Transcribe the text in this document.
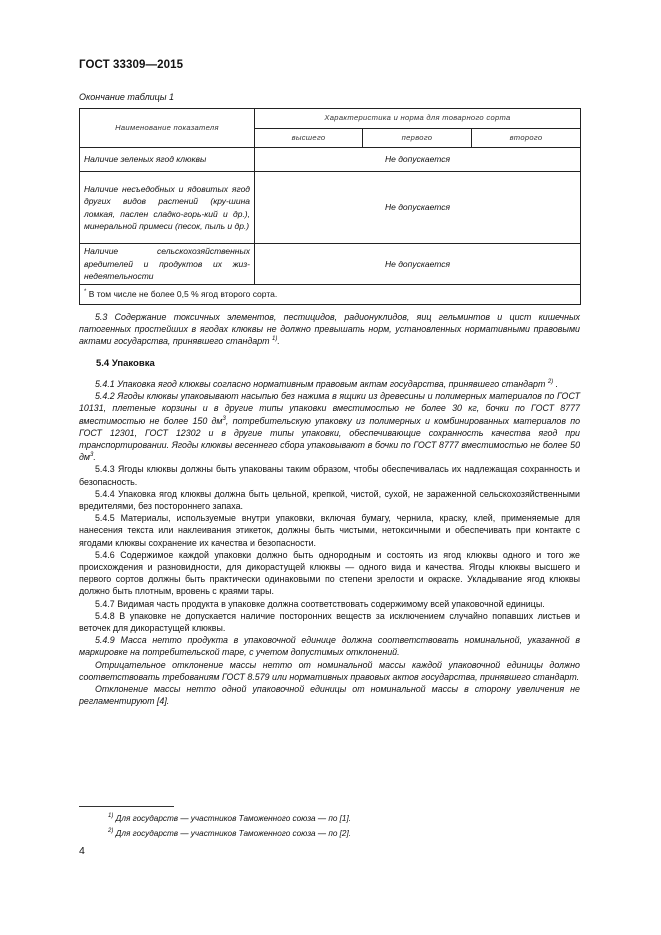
ГОСТ 33309—2015
Окончание таблицы 1
Наименование показателя	Характеристика и норма для товарного сорта		
	высшего	первого	второго
Наличие зеленых ягод клюквы	Не допускается		
Наличие несъедобных и ядовитых ягод других видов растений (кру-шина ломкая, паслен сладко-горь-кий и др.), минеральной примеси (песок, пыль и др.)	Не допускается		
Наличие сельскохозяйственных вредителей и продуктов их жиз-недеятельности	Не допускается		
* В том числе не более 0,5 % ягод второго сорта.			

5.3 Содержание токсичных элементов, пестицидов, радионуклидов, яиц гельминтов и цист кишечных патогенных простейших в ягодах клюквы не должно превышать норм, установленных нормативными правовыми актами государства, принявшего стандарт $^{1)}$.

5.4 Упаковка

5.4.1 Упаковка ягод клюквы согласно нормативным правовым актам государства, принявшего стандарт $^{2)}$ .

5.4.2 Ягоды клюквы упаковывают насыпью без нажима в ящики из древесины и полимерных материалов по ГОСТ 10131, плетеные корзины и в другие типы упаковки вместимостью не более 30 кг, бочки по ГОСТ 8777 вместимостью не более 150 $дм^3$, потребительскую упаковку из полимерных и комбинированных материалов по ГОСТ 12301, ГОСТ 12302 и в другие типы упаковки, обеспечивающие сохранность качества ягод при транспортировании. Ягоды клюквы весеннего сбора упаковывают в бочки по ГОСТ 8777 вместимостью не более 50 $дм^3$.

5.4.3 Ягоды клюквы должны быть упакованы таким образом, чтобы обеспечивалась их надлежащая сохранность и безопасность.

5.4.4 Упаковка ягод клюквы должна быть цельной, крепкой, чистой, сухой, не зараженной сельскохозяйственными вредителями, без постороннего запаха.

5.4.5 Материалы, используемые внутри упаковки, включая бумагу, чернила, краску, клей, применяемые для нанесения текста или наклеивания этикеток, должны быть чистыми, нетоксичными и обеспечивать при контакте с ягодами клюквы сохранение их качества и безопасности.

5.4.6 Содержимое каждой упаковки должно быть однородным и состоять из ягод клюквы одного и того же происхождения и разновидности, для дикорастущей клюквы — одного вида и качества. Ягоды клюквы высшего и первого сортов должны быть практически одинаковыми по степени зрелости и окраске. Укладывание ягод клюквы должно быть плотным, вровень с краями тары.

5.4.7 Видимая часть продукта в упаковке должна соответствовать содержимому всей упаковочной единицы.

5.4.8 В упаковке не допускается наличие посторонних веществ за исключением случайно попавших листьев и веточек для дикорастущей клюквы.

5.4.9 Масса нетто продукта в упаковочной единице должна соответствовать номинальной, указанной в маркировке на потребительской таре, с учетом допустимых отклонений.

Отрицательное отклонение массы нетто от номинальной массы каждой упаковочной единицы должно соответствовать требованиям ГОСТ 8.579 или нормативных правовых актов государства, принявшего стандарт.

Отклонение массы нетто одной упаковочной единицы от номинальной массы в сторону увеличения не регламентируют [4].

$^{1)}$ Для государств — участников Таможенного союза — по [1].
$^{2)}$ Для государств — участников Таможенного союза — по [2].
4
